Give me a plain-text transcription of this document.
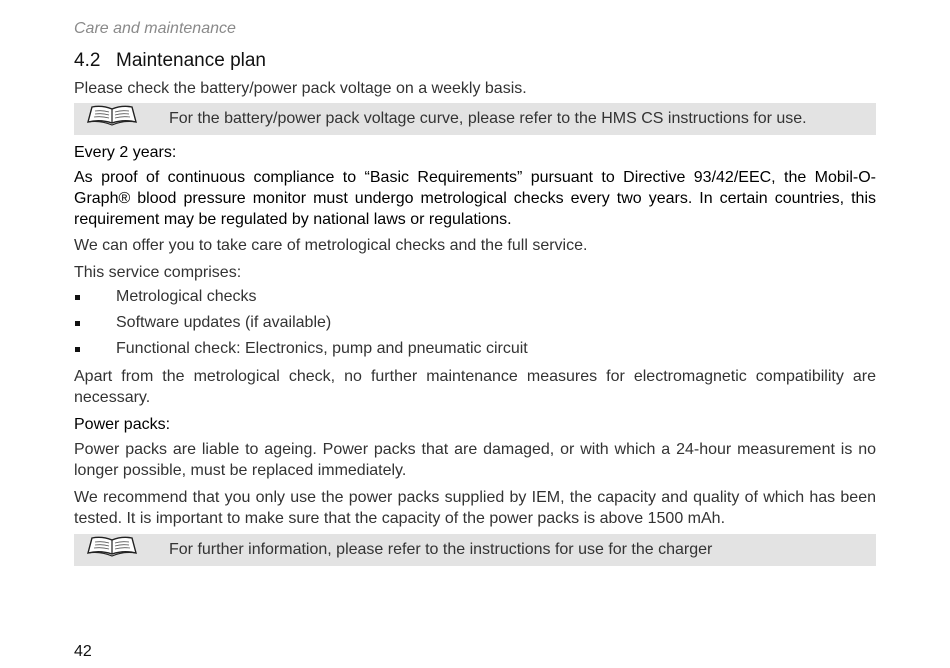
Care and maintenance
4.2 Maintenance plan
Please check the battery/power pack voltage on a weekly basis.
For the battery/power pack voltage curve, please refer to the HMS CS instructions for use.
Every 2 years:
As proof of continuous compliance to “Basic Requirements” pursuant to Directive 93/42/EEC, the Mobil-O-Graph® blood pressure monitor must undergo metrological checks every two years. In certain countries, this requirement may be regulated by national laws or regulations.
We can offer you to take care of metrological checks and the full service.
This service comprises:
Metrological checks
Software updates (if available)
Functional check: Electronics, pump and pneumatic circuit
Apart from the metrological check, no further maintenance measures for electromagnetic compatibility are necessary.
Power packs:
Power packs are liable to ageing. Power packs that are damaged, or with which a 24-hour measurement is no longer possible, must be replaced immediately.
We recommend that you only use the power packs supplied by IEM, the capacity and quality of which has been tested. It is important to make sure that the capacity of the power packs is above 1500 mAh.
For further information, please refer to the instructions for use for the charger
42
